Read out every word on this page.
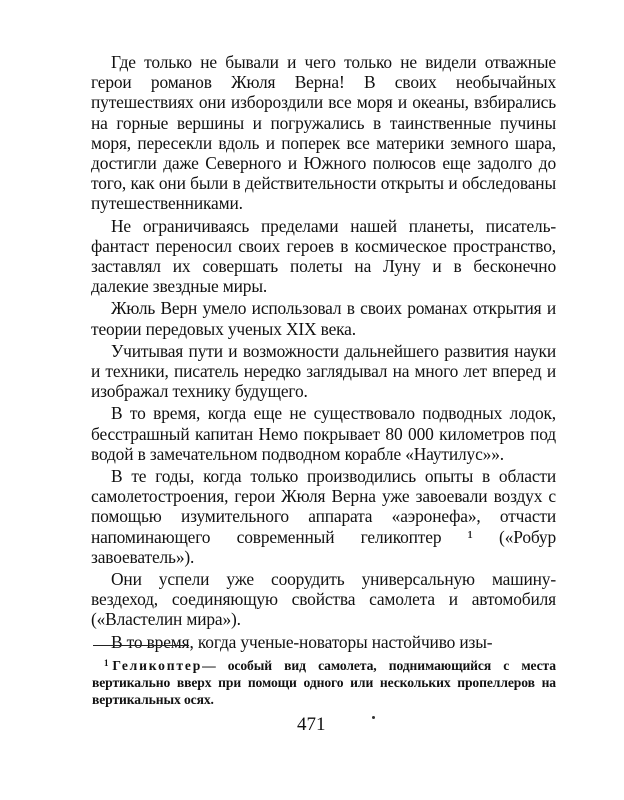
Где только не бывали и чего только не видели отважные герои романов Жюля Верна! В своих необычайных путешествиях они избороздили все моря и океаны, взбирались на горные вершины и погружались в таинственные пучины моря, пересекли вдоль и поперек все материки земного шара, достигли даже Северного и Южного полюсов еще задолго до того, как они были в действительности открыты и обследованы путешественниками.

Не ограничиваясь пределами нашей планеты, писатель-фантаст переносил своих героев в космическое пространство, заставлял их совершать полеты на Луну и в бесконечно далекие звездные миры.

Жюль Верн умело использовал в своих романах открытия и теории передовых ученых XIX века.

Учитывая пути и возможности дальнейшего развития науки и техники, писатель нередко заглядывал на много лет вперед и изображал технику будущего.

В то время, когда еще не существовало подводных лодок, бесстрашный капитан Немо покрывает 80 000 километров под водой в замечательном подводном корабле «Наутилус»».

В те годы, когда только производились опыты в области самолетостроения, герои Жюля Верна уже завоевали воздух с помощью изумительного аппарата «аэронефа», отчасти напоминающего современный геликоптер ¹ («Робур завоеватель»).

Они успели уже соорудить универсальную машину-вездеход, соединяющую свойства самолета и автомобиля («Властелин мира»).

В то время, когда ученые-новаторы настойчиво изы-

$^1$ Геликоптер— особый вид самолета, поднимающийся с места вертикально вверх при помощи одного или нескольких пропеллеров на вертикальных осях.

471
